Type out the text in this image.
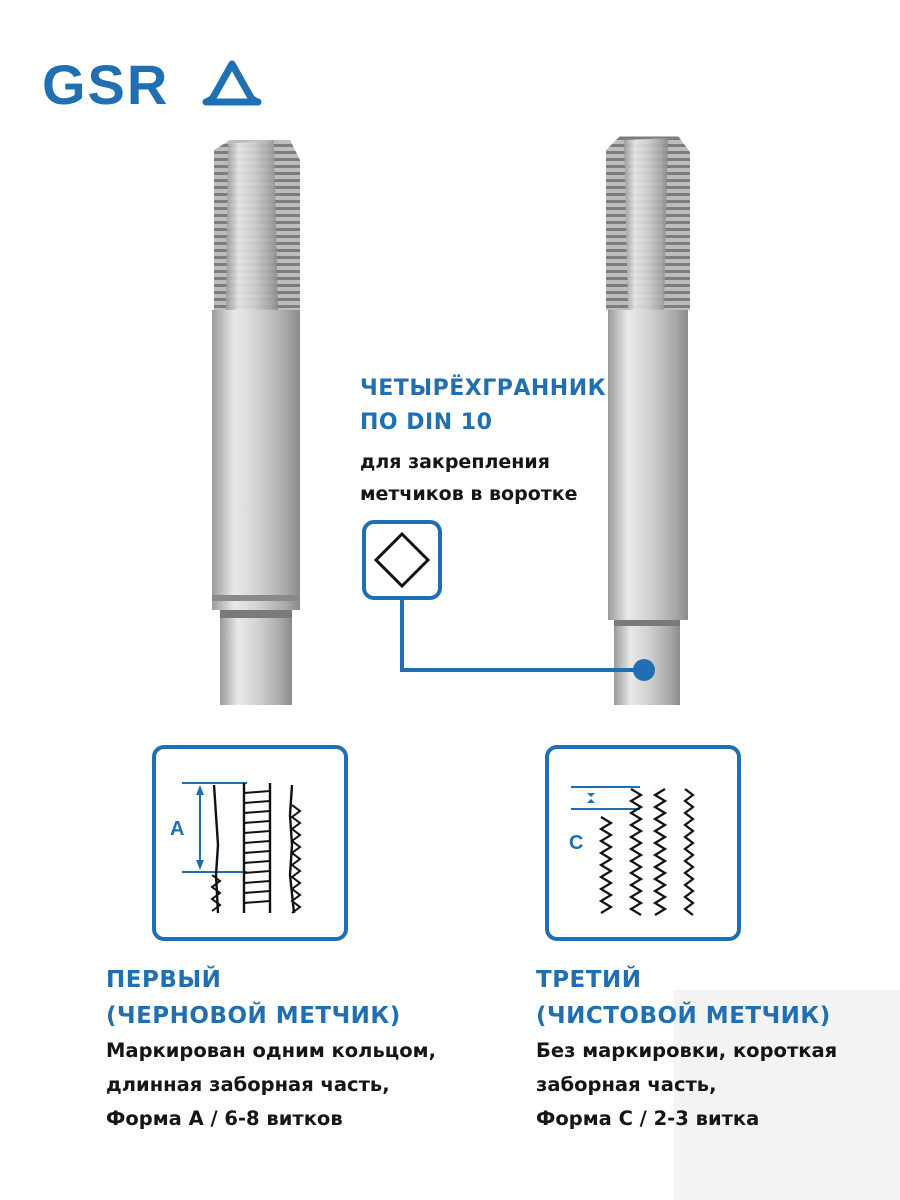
GSR
ЧЕТЫРЁХГРАННИК
ПО DIN 10
для закрепления
метчиков в воротке
A
C
ПЕРВЫЙ
(ЧЕРНОВОЙ МЕТЧИК)
Маркирован одним кольцом,
длинная заборная часть,
Форма А / 6-8 витков
ТРЕТИЙ
(ЧИСТОВОЙ МЕТЧИК)
Без маркировки, короткая
заборная часть,
Форма С / 2-3 витка
